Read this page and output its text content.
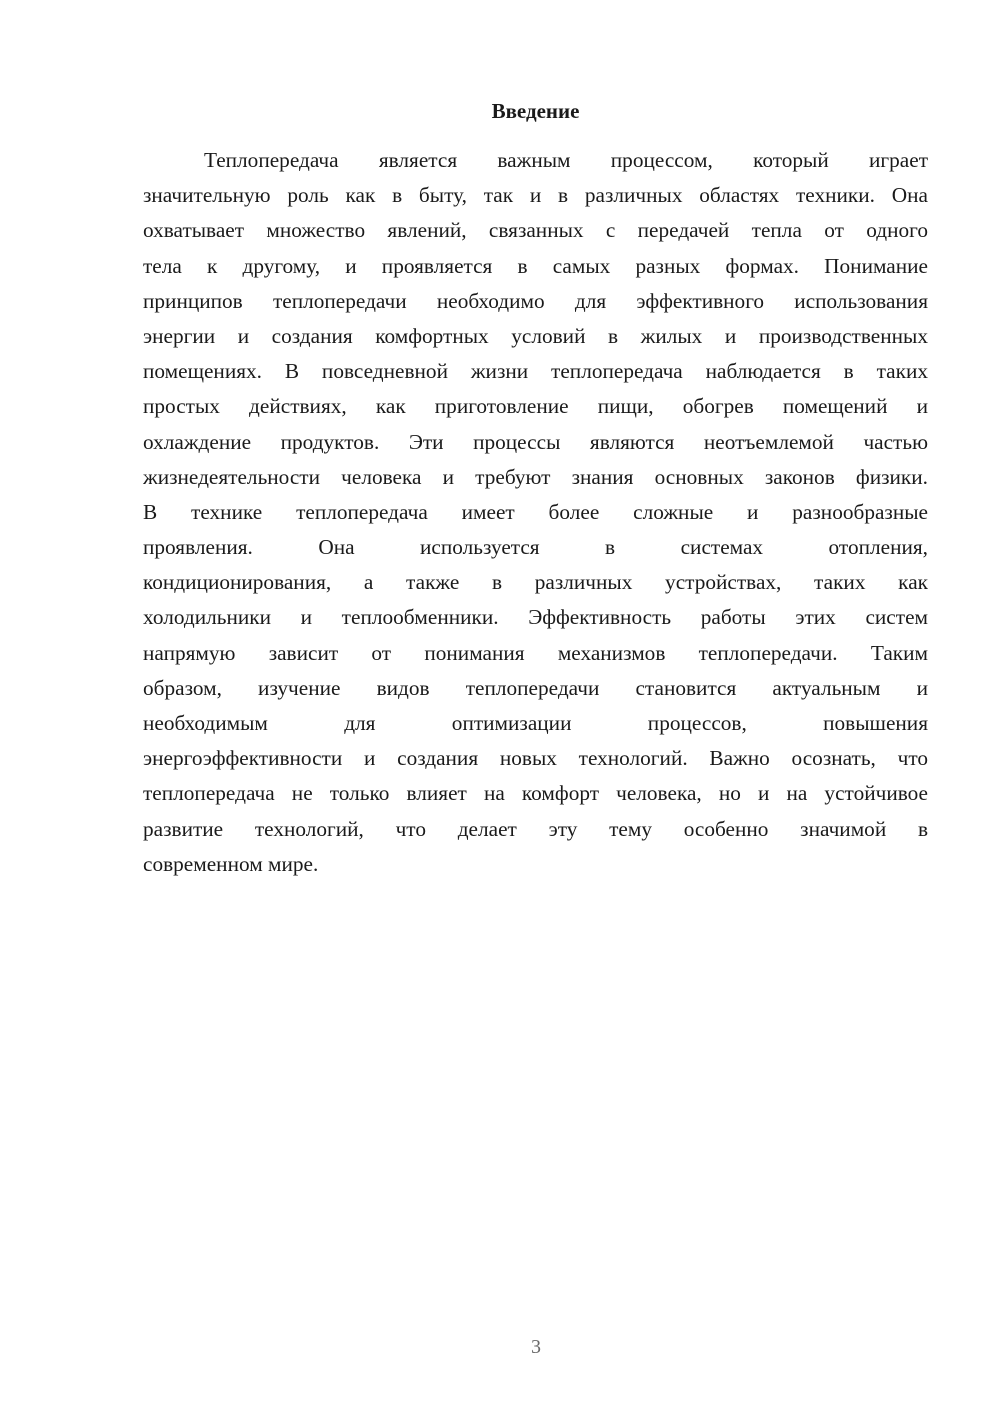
Введение
Теплопередача является важным процессом, который играет
значительную роль как в быту, так и в различных областях техники. Она
охватывает множество явлений, связанных с передачей тепла от одного
тела к другому, и проявляется в самых разных формах. Понимание
принципов теплопередачи необходимо для эффективного использования
энергии и создания комфортных условий в жилых и производственных
помещениях. В повседневной жизни теплопередача наблюдается в таких
простых действиях, как приготовление пищи, обогрев помещений и
охлаждение продуктов. Эти процессы являются неотъемлемой частью
жизнедеятельности человека и требуют знания основных законов физики.
В технике теплопередача имеет более сложные и разнообразные
проявления. Она используется в системах отопления,
кондиционирования, а также в различных устройствах, таких как
холодильники и теплообменники. Эффективность работы этих систем
напрямую зависит от понимания механизмов теплопередачи. Таким
образом, изучение видов теплопередачи становится актуальным и
необходимым для оптимизации процессов, повышения
энергоэффективности и создания новых технологий. Важно осознать, что
теплопередача не только влияет на комфорт человека, но и на устойчивое
развитие технологий, что делает эту тему особенно значимой в
современном мире.
3
